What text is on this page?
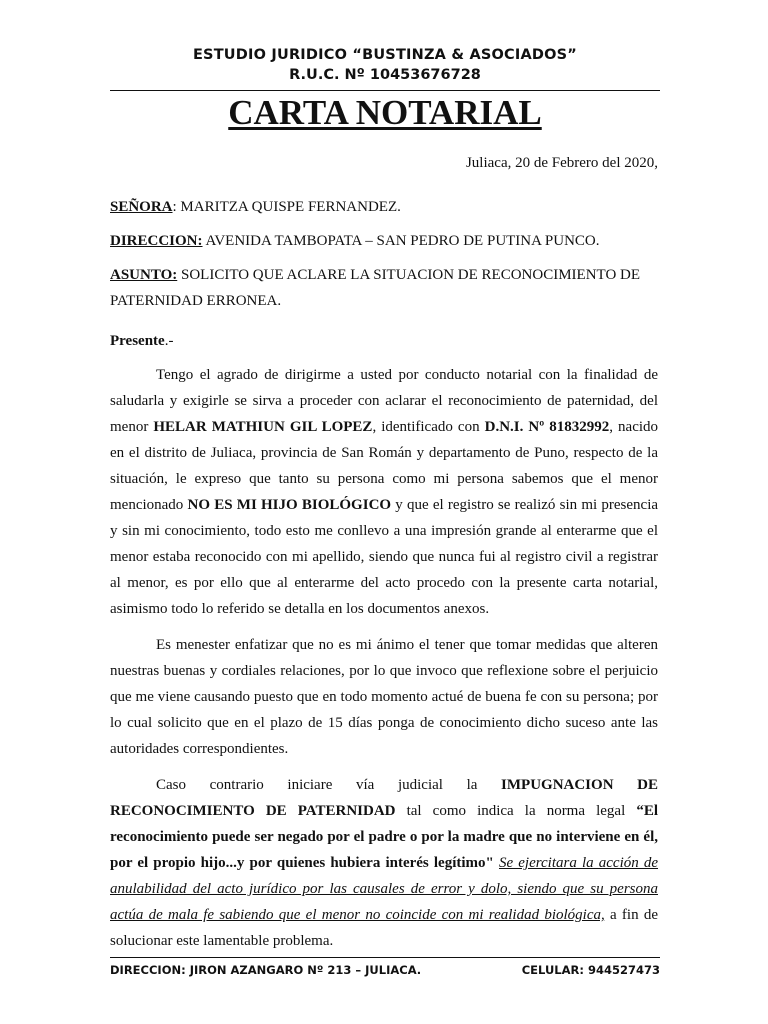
ESTUDIO JURIDICO “BUSTINZA & ASOCIADOS”
R.U.C. Nº 10453676728
CARTA NOTARIAL

Juliaca, 20 de Febrero del 2020,

SEÑORA: MARITZA QUISPE FERNANDEZ.

DIRECCION: AVENIDA TAMBOPATA – SAN PEDRO DE PUTINA PUNCO.

ASUNTO: SOLICITO QUE ACLARE LA SITUACION DE RECONOCIMIENTO DE PATERNIDAD ERRONEA.

Presente.-

Tengo el agrado de dirigirme a usted por conducto notarial con la finalidad de saludarla y exigirle se sirva a proceder con aclarar el reconocimiento de paternidad, del menor HELAR MATHIUN GIL LOPEZ, identificado con D.N.I. Nº 81832992, nacido en el distrito de Juliaca, provincia de San Román y departamento de Puno, respecto de la situación, le expreso que tanto su persona como mi persona sabemos que el menor mencionado NO ES MI HIJO BIOLÓGICO y que el registro se realizó sin mi presencia y sin mi conocimiento, todo esto me conllevo a una impresión grande al enterarme que el menor estaba reconocido con mi apellido, siendo que nunca fui al registro civil a registrar al menor, es por ello que al enterarme del acto procedo con la presente carta notarial, asimismo todo lo referido se detalla en los documentos anexos.

Es menester enfatizar que no es mi ánimo el tener que tomar medidas que alteren nuestras buenas y cordiales relaciones, por lo que invoco que reflexione sobre el perjuicio que me viene causando puesto que en todo momento actué de buena fe con su persona; por lo cual solicito que en el plazo de 15 días ponga de conocimiento dicho suceso ante las autoridades correspondientes.

Caso contrario iniciare vía judicial la IMPUGNACION DE RECONOCIMIENTO DE PATERNIDAD tal como indica la norma legal “El reconocimiento puede ser negado por el padre o por la madre que no interviene en él, por el propio hijo...y por quienes hubiera interés legítimo" Se ejercitara la acción de anulabilidad del acto jurídico por las causales de error y dolo, siendo que su persona actúa de mala fe sabiendo que el menor no coincide con mi realidad biológica, a fin de solucionar este lamentable problema.

DIRECCION: JIRON AZANGARO Nº 213 – JULIACA.	CELULAR: 944527473
